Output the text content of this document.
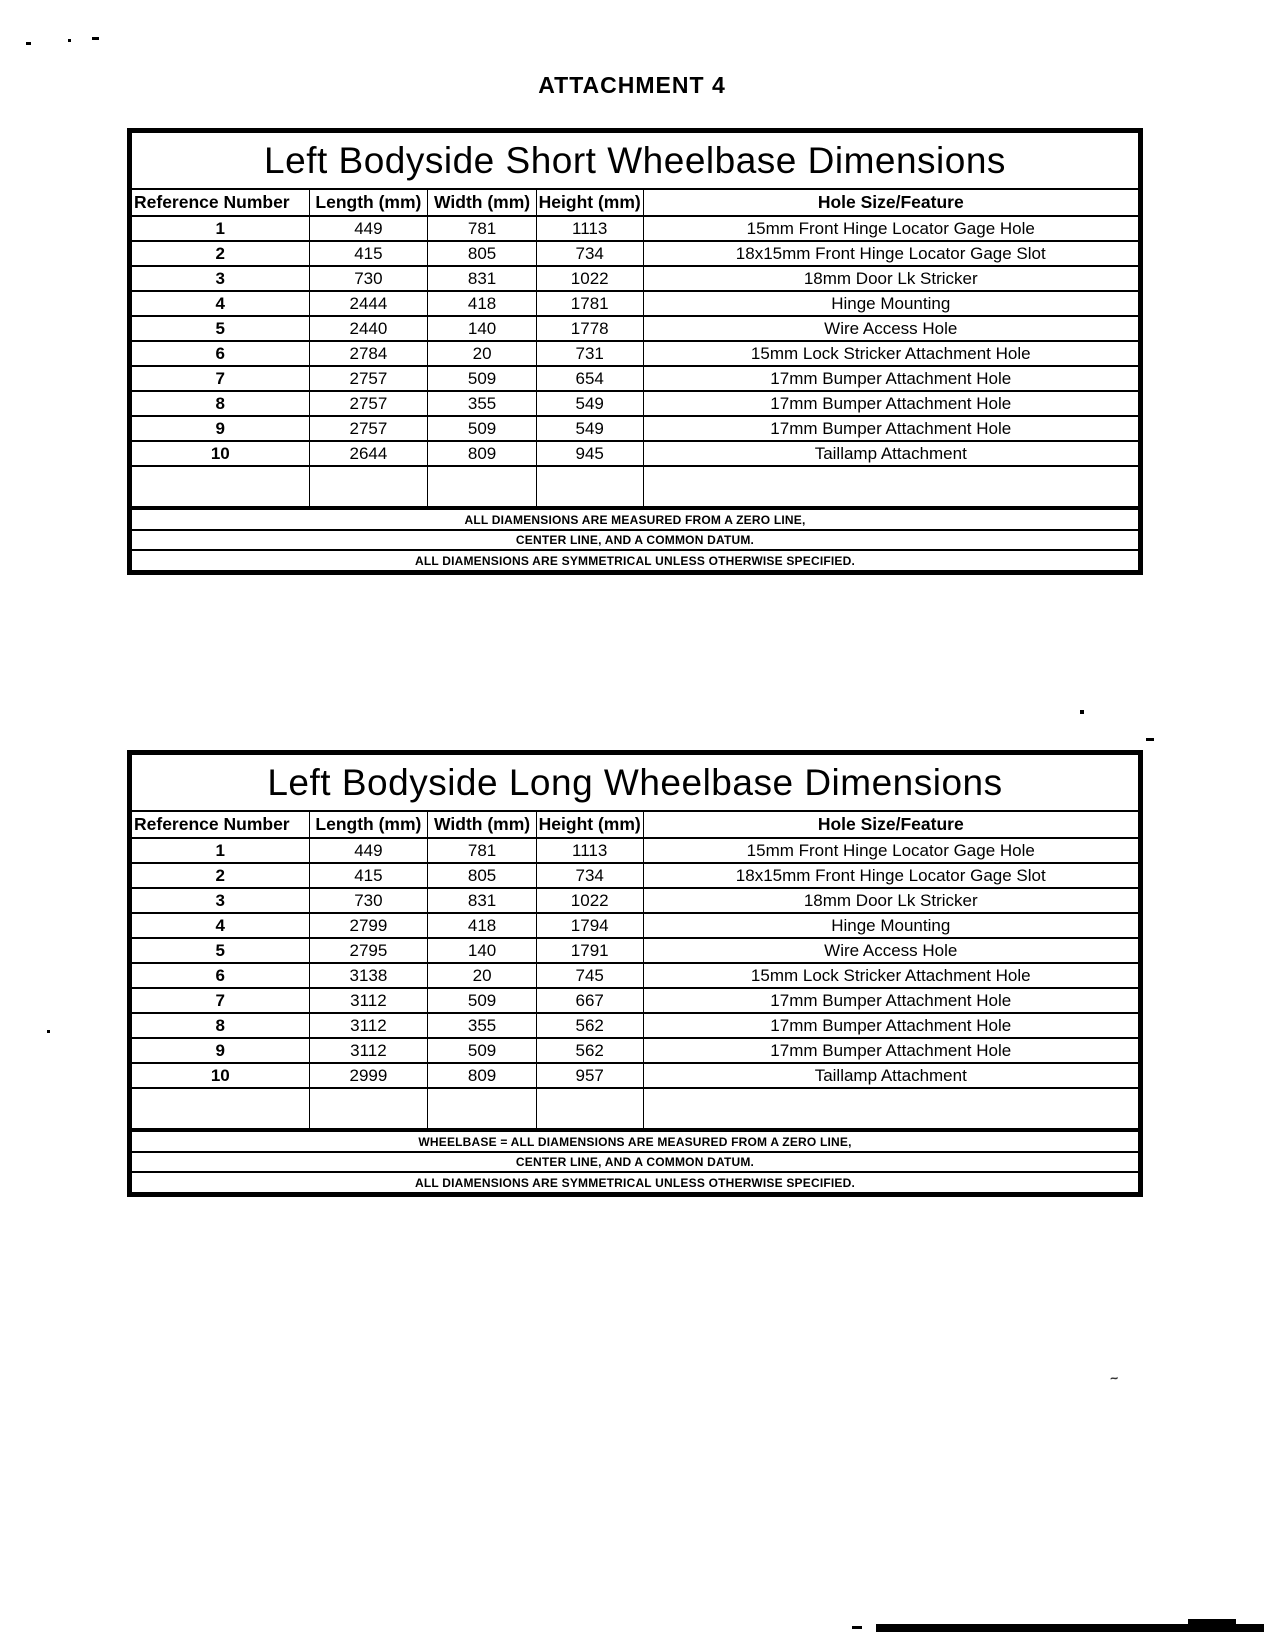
ATTACHMENT 4
Left Bodyside Short Wheelbase Dimensions
Reference Number	Length (mm)	Width (mm)	Height (mm)	Hole Size/Feature
1	449	781	1113	15mm Front Hinge Locator Gage Hole
2	415	805	734	18x15mm Front Hinge Locator Gage Slot
3	730	831	1022	18mm Door Lk Stricker
4	2444	418	1781	Hinge Mounting
5	2440	140	1778	Wire Access Hole
6	2784	20	731	15mm Lock Stricker Attachment Hole
7	2757	509	654	17mm Bumper Attachment Hole
8	2757	355	549	17mm Bumper Attachment Hole
9	2757	509	549	17mm Bumper Attachment Hole
10	2644	809	945	Taillamp Attachment

ALL DIAMENSIONS ARE MEASURED FROM A ZERO LINE,
CENTER LINE, AND A COMMON DATUM.
ALL DIAMENSIONS ARE SYMMETRICAL UNLESS OTHERWISE SPECIFIED.
Left Bodyside Long Wheelbase Dimensions
Reference Number	Length (mm)	Width (mm)	Height (mm)	Hole Size/Feature
1	449	781	1113	15mm Front Hinge Locator Gage Hole
2	415	805	734	18x15mm Front Hinge Locator Gage Slot
3	730	831	1022	18mm Door Lk Stricker
4	2799	418	1794	Hinge Mounting
5	2795	140	1791	Wire Access Hole
6	3138	20	745	15mm Lock Stricker Attachment Hole
7	3112	509	667	17mm Bumper Attachment Hole
8	3112	355	562	17mm Bumper Attachment Hole
9	3112	509	562	17mm Bumper Attachment Hole
10	2999	809	957	Taillamp Attachment

WHEELBASE = ALL DIAMENSIONS ARE MEASURED FROM A ZERO LINE,
CENTER LINE, AND A COMMON DATUM.
ALL DIAMENSIONS ARE SYMMETRICAL UNLESS OTHERWISE SPECIFIED.
~
